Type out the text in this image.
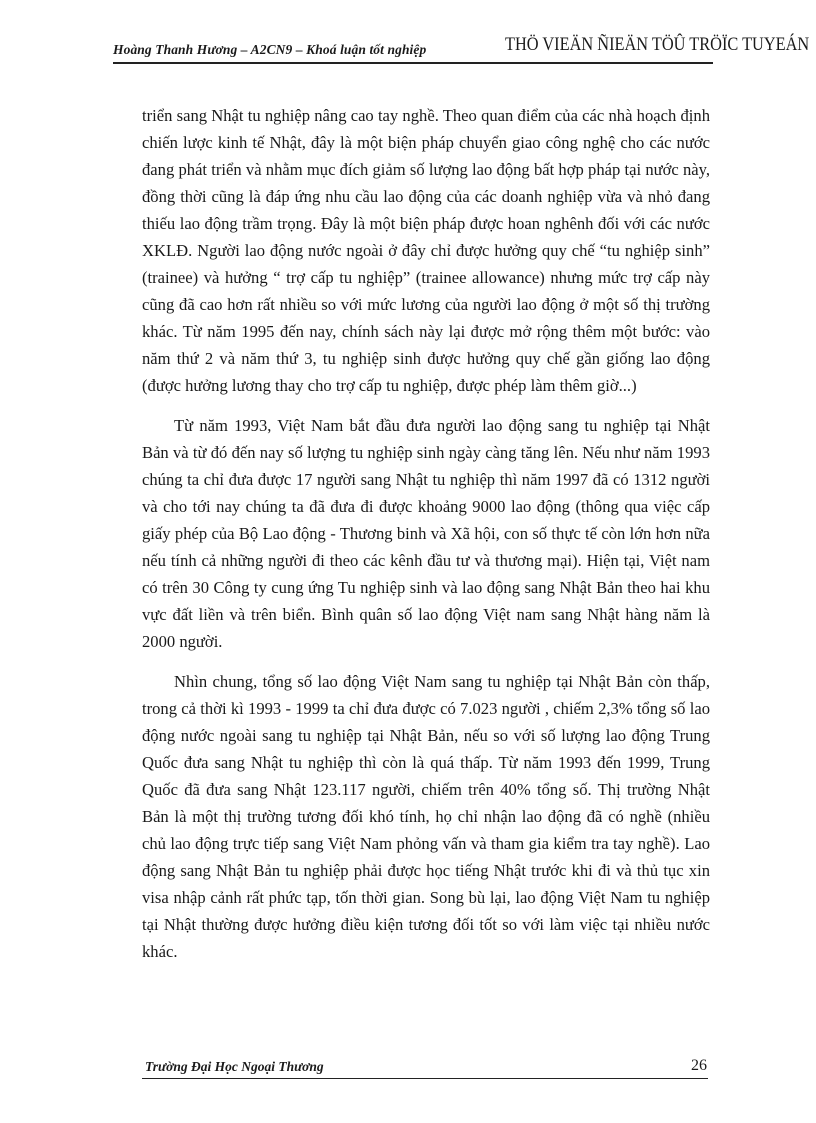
Hoàng Thanh Hương – A2CN9 – Khoá luận tốt nghiệp	THÖ VIEÄN ÑIEÄN TÖÛ TRÖÏC TUYEÁN

triển sang Nhật tu nghiệp nâng cao tay nghề. Theo quan điểm của các nhà hoạch định chiến lược kinh tế Nhật, đây là một biện pháp chuyển giao công nghệ cho các nước đang phát triển và nhằm mục đích giảm số lượng lao động bất hợp pháp tại nước này, đồng thời cũng là đáp ứng nhu cầu lao động của các doanh nghiệp vừa và nhỏ đang thiếu lao động trầm trọng. Đây là một biện pháp được hoan nghênh đối với các nước XKLĐ. Người lao động nước ngoài ở đây chỉ được hưởng quy chế “tu nghiệp sinh” (trainee) và hưởng “ trợ cấp tu nghiệp” (trainee allowance) nhưng mức trợ cấp này cũng đã cao hơn rất nhiều so với mức lương của người lao động ở một số thị trường khác. Từ năm 1995 đến nay, chính sách này lại được mở rộng thêm một bước: vào năm thứ 2 và năm thứ 3, tu nghiệp sinh được hưởng quy chế gần giống lao động (được hưởng lương thay cho trợ cấp tu nghiệp, được phép làm thêm giờ...)

Từ năm 1993, Việt Nam bắt đầu đưa người lao động sang tu nghiệp tại Nhật Bản và từ đó đến nay số lượng tu nghiệp sinh ngày càng tăng lên. Nếu như năm 1993 chúng ta chỉ đưa được 17 người sang Nhật tu nghiệp thì năm 1997 đã có 1312 người và cho tới nay chúng ta đã đưa đi được khoảng 9000 lao động (thông qua việc cấp giấy phép của Bộ Lao động - Thương binh và Xã hội, con số thực tế còn lớn hơn nữa nếu tính cả những người đi theo các kênh đầu tư và thương mại). Hiện tại, Việt nam có trên 30 Công ty cung ứng Tu nghiệp sinh và lao động sang Nhật Bản theo hai khu vực đất liền và trên biển. Bình quân số lao động Việt nam sang Nhật hàng năm là 2000 người.

Nhìn chung, tổng số lao động Việt Nam sang tu nghiệp tại Nhật Bản còn thấp, trong cả thời kì 1993 - 1999 ta chỉ đưa được có 7.023 người , chiếm 2,3% tổng số lao động nước ngoài sang tu nghiệp tại Nhật Bản, nếu so với số lượng lao động Trung Quốc đưa sang Nhật tu nghiệp thì còn là quá thấp. Từ năm 1993 đến 1999, Trung Quốc đã đưa sang Nhật 123.117 người, chiếm trên 40% tổng số. Thị trường Nhật Bản là một thị trường tương đối khó tính, họ chỉ nhận lao động đã có nghề (nhiều chủ lao động trực tiếp sang Việt Nam phỏng vấn và tham gia kiểm tra tay nghề). Lao động sang Nhật Bản tu nghiệp phải được học tiếng Nhật trước khi đi và thủ tục xin visa nhập cảnh rất phức tạp, tốn thời gian. Song bù lại, lao động Việt Nam tu nghiệp tại Nhật thường được hưởng điều kiện tương đối tốt so với làm việc tại nhiều nước khác.

Trường Đại Học Ngoại Thương	26
